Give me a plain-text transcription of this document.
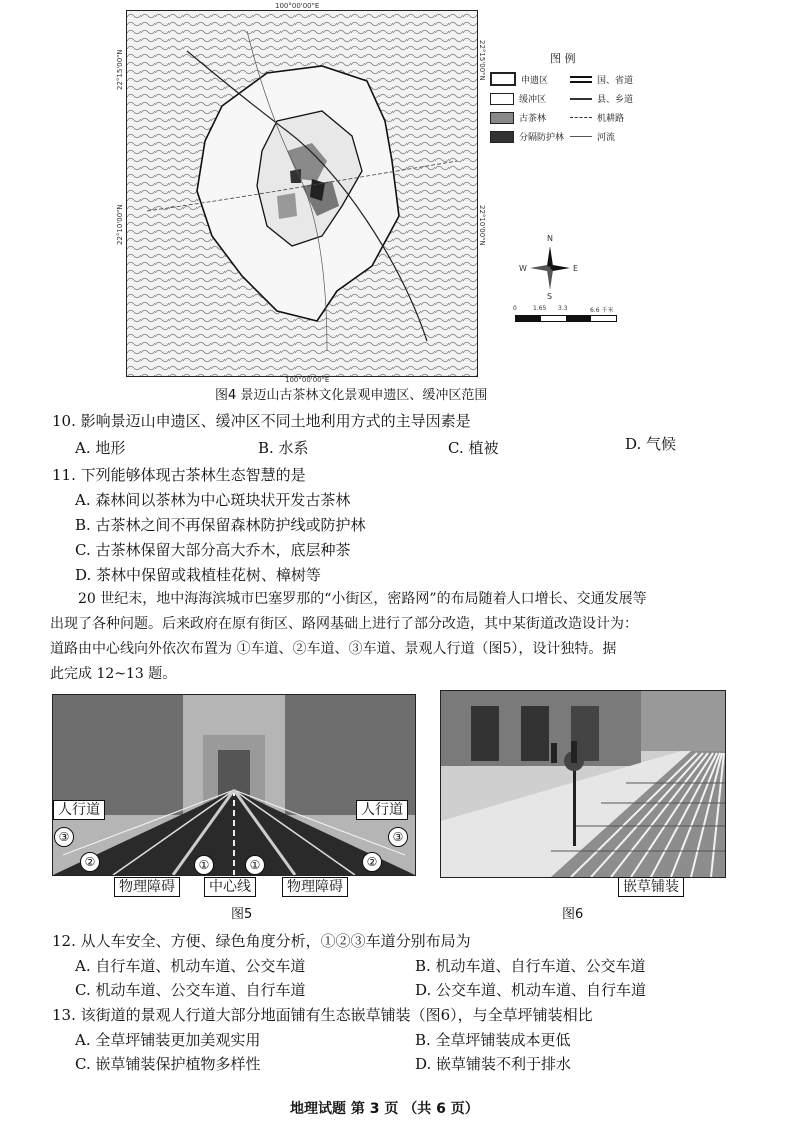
100°00'00"E
100°00'00"E
22°15'00"N
22°10'00"N
22°15'00"N
22°10'00"N
图 例
申遗区	国、省道
缓冲区	县、乡道
古茶林	机耕路
分隔防护林	河流
N
S
W	E
0	1.65 3.3	6.6 千米
图4 景迈山古茶林文化景观申遗区、缓冲区范围
10. 影响景迈山申遗区、缓冲区不同土地利用方式的主导因素是
A. 地形	B. 水系	C. 植被	D. 气候
11. 下列能够体现古茶林生态智慧的是
A. 森林间以茶林为中心斑块状开发古茶林
B. 古茶林之间不再保留森林防护线或防护林
C. 古茶林保留大部分高大乔木，底层种茶
D. 茶林中保留或栽植桂花树、樟树等
20 世纪末，地中海海滨城市巴塞罗那的“小街区，密路网”的布局随着人口增长、交通发展等
出现了各种问题。后来政府在原有街区、路网基础上进行了部分改造，其中某街道改造设计为：
道路由中心线向外依次布置为 ①车道、②车道、③车道、景观人行道（图5），设计独特。据
此完成 12~13 题。
人行道	人行道
③	③
②	②
①	①
物理障碍	中心线	物理障碍
图5
嵌草铺装
图6
12. 从人车安全、方便、绿色角度分析，①②③车道分别布局为
A. 自行车道、机动车道、公交车道	B. 机动车道、自行车道、公交车道
C. 机动车道、公交车道、自行车道	D. 公交车道、机动车道、自行车道
13. 该街道的景观人行道大部分地面铺有生态嵌草铺装（图6），与全草坪铺装相比
A. 全草坪铺装更加美观实用	B. 全草坪铺装成本更低
C. 嵌草铺装保护植物多样性	D. 嵌草铺装不利于排水
地理试题 第 3 页 （共 6 页）
